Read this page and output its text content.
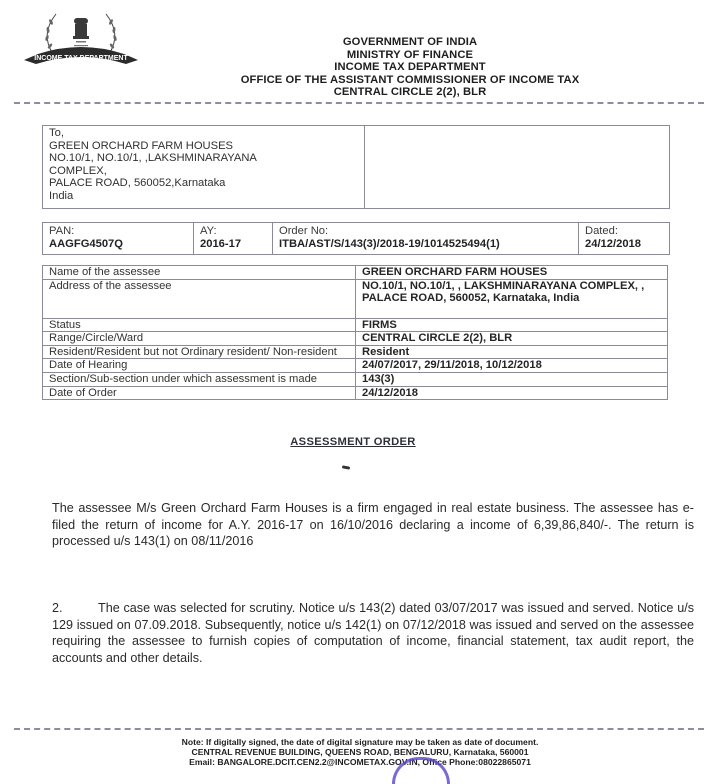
INCOME TAX DEPARTMENT
GOVERNMENT OF INDIA
MINISTRY OF FINANCE
INCOME TAX DEPARTMENT
OFFICE OF THE ASSISTANT COMMISSIONER OF INCOME TAX
CENTRAL CIRCLE 2(2), BLR
To,
GREEN ORCHARD FARM HOUSES
NO.10/1, NO.10/1, ,LAKSHMINARAYANA
COMPLEX,
PALACE ROAD, 560052,Karnataka
India
PAN:
AAGFG4507Q
AY:
2016-17
Order No:
ITBA/AST/S/143(3)/2018-19/1014525494(1)
Dated:
24/12/2018
Name of the assessee	GREEN ORCHARD FARM HOUSES
Address of the assessee	NO.10/1, NO.10/1, , LAKSHMINARAYANA COMPLEX, , PALACE ROAD, 560052, Karnataka, India
Status	FIRMS
Range/Circle/Ward	CENTRAL CIRCLE 2(2), BLR
Resident/Resident but not Ordinary resident/ Non-resident	Resident
Date of Hearing	24/07/2017, 29/11/2018, 10/12/2018
Section/Sub-section under which assessment is made	143(3)
Date of Order	24/12/2018
ASSESSMENT ORDER
The assessee M/s Green Orchard Farm Houses is a firm engaged in real estate business. The assessee has e-filed the return of income for A.Y. 2016-17 on 16/10/2016 declaring a income of 6,39,86,840/-. The return is processed u/s 143(1) on 08/11/2016
2.	The case was selected for scrutiny. Notice u/s 143(2) dated 03/07/2017 was issued and served. Notice u/s 129 issued on 07.09.2018. Subsequently, notice u/s 142(1) on 07/12/2018 was issued and served on the assessee requiring the assessee to furnish copies of computation of income, financial statement, tax audit report, the accounts and other details.
Note: If digitally signed, the date of digital signature may be taken as date of document.
CENTRAL REVENUE BUILDING, QUEENS ROAD, BENGALURU, Karnataka, 560001
Email: BANGALORE.DCIT.CEN2.2@INCOMETAX.GOV.IN, Office Phone:08022865071
